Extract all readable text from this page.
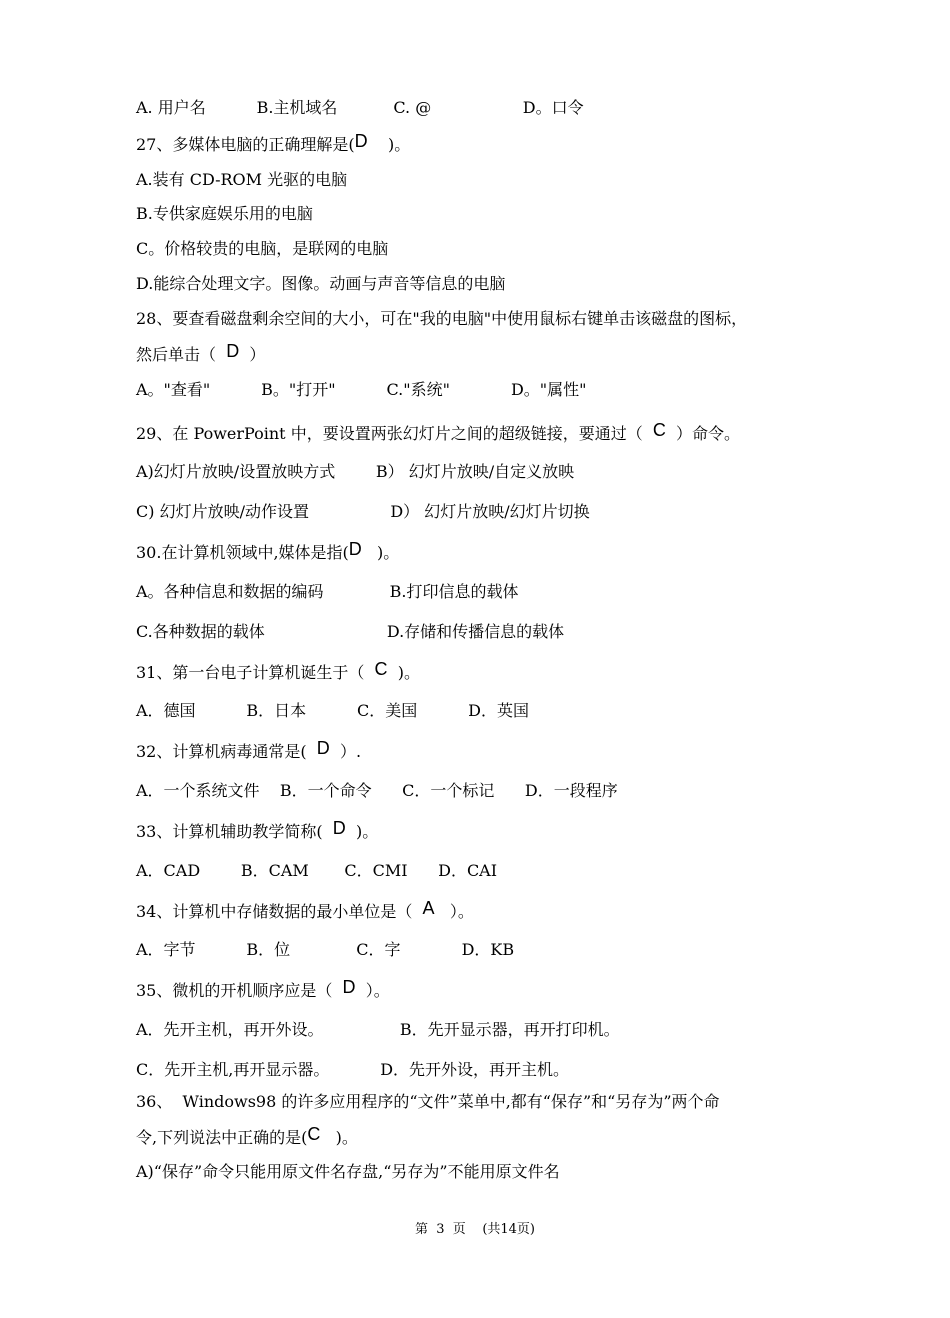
A. 用户名          B.主机域名           C. @                  D。口令
27、多媒体电脑的正确理解是(D    )。
A.装有 CD-ROM 光驱的电脑
B.专供家庭娱乐用的电脑
C。价格较贵的电脑，是联网的电脑
D.能综合处理文字。图像。动画与声音等信息的电脑
28、要查看磁盘剩余空间的大小，可在"我的电脑"中使用鼠标右键单击该磁盘的图标，
然后单击（  D  ）
A。"查看"          B。"打开"          C."系统"            D。"属性"
29、在 PowerPoint 中，要设置两张幻灯片之间的超级链接，要通过（  C  ）命令。
A)幻灯片放映/设置放映方式        B） 幻灯片放映/自定义放映
C) 幻灯片放映/动作设置                D） 幻灯片放映/幻灯片切换
30.在计算机领域中,媒体是指(D   )。
A。各种信息和数据的编码             B.打印信息的载体
C.各种数据的载体                        D.存储和传播信息的载体
31、第一台电子计算机诞生于（  C  )。
A．德国          B．日本          C．美国          D．英国
32、计算机病毒通常是(  D  ）.
A．一个系统文件    B．一个命令      C．一个标记      D．一段程序
33、计算机辅助教学简称(  D  )。
A．CAD        B．CAM       C．CMI      D．CAI
34、计算机中存储数据的最小单位是（  A   ）。
A．字节          B．位             C．字            D．KB
35、微机的开机顺序应是（  D  ）。
A．先开主机，再开外设。               B．先开显示器，再开打印机。
C．先开主机,再开显示器。          D．先开外设，再开主机。
36、  Windows98 的许多应用程序的“文件”菜单中,都有“保存”和“另存为”两个命
令,下列说法中正确的是(C   )。
A)“保存”命令只能用原文件名存盘,“另存为”不能用原文件名
第  3  页    (共14页)
